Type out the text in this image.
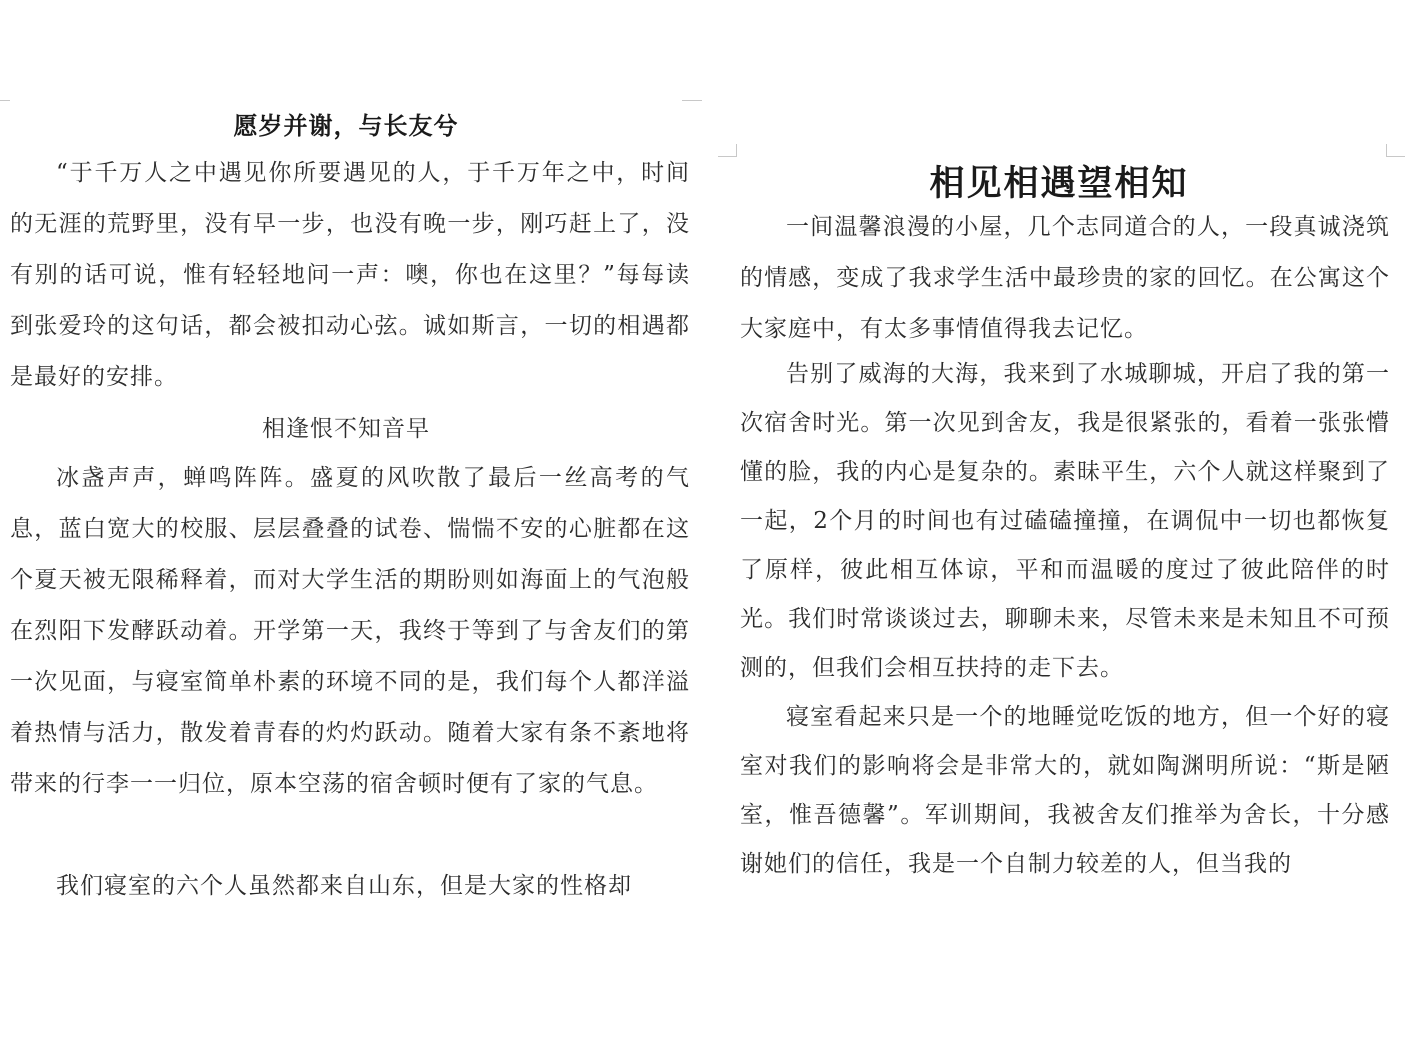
愿岁并谢，与长友兮

“于千万人之中遇见你所要遇见的人，于千万年之中，时间的无涯的荒野里，没有早一步，也没有晚一步，刚巧赶上了，没有别的话可说，惟有轻轻地问一声：噢，你也在这里？”每每读到张爱玲的这句话，都会被扣动心弦。诚如斯言，一切的相遇都是最好的安排。

相逢恨不知音早

冰盏声声，蝉鸣阵阵。盛夏的风吹散了最后一丝高考的气息，蓝白宽大的校服、层层叠叠的试卷、惴惴不安的心脏都在这个夏天被无限稀释着，而对大学生活的期盼则如海面上的气泡般在烈阳下发酵跃动着。开学第一天，我终于等到了与舍友们的第一次见面，与寝室简单朴素的环境不同的是，我们每个人都洋溢着热情与活力，散发着青春的灼灼跃动。随着大家有条不紊地将带来的行李一一归位，原本空荡的宿舍顿时便有了家的气息。

我们寝室的六个人虽然都来自山东，但是大家的性格却

相见相遇望相知

一间温馨浪漫的小屋，几个志同道合的人，一段真诚浇筑的情感，变成了我求学生活中最珍贵的家的回忆。在公寓这个大家庭中，有太多事情值得我去记忆。

告别了威海的大海，我来到了水城聊城，开启了我的第一次宿舍时光。第一次见到舍友，我是很紧张的，看着一张张懵懂的脸，我的内心是复杂的。素昧平生，六个人就这样聚到了一起，2个月的时间也有过磕磕撞撞，在调侃中一切也都恢复了原样，彼此相互体谅，平和而温暖的度过了彼此陪伴的时光。我们时常谈谈过去，聊聊未来，尽管未来是未知且不可预测的，但我们会相互扶持的走下去。

寝室看起来只是一个的地睡觉吃饭的地方，但一个好的寝室对我们的影响将会是非常大的，就如陶渊明所说：“斯是陋室，惟吾德馨”。军训期间，我被舍友们推举为舍长，十分感谢她们的信任，我是一个自制力较差的人，但当我的
